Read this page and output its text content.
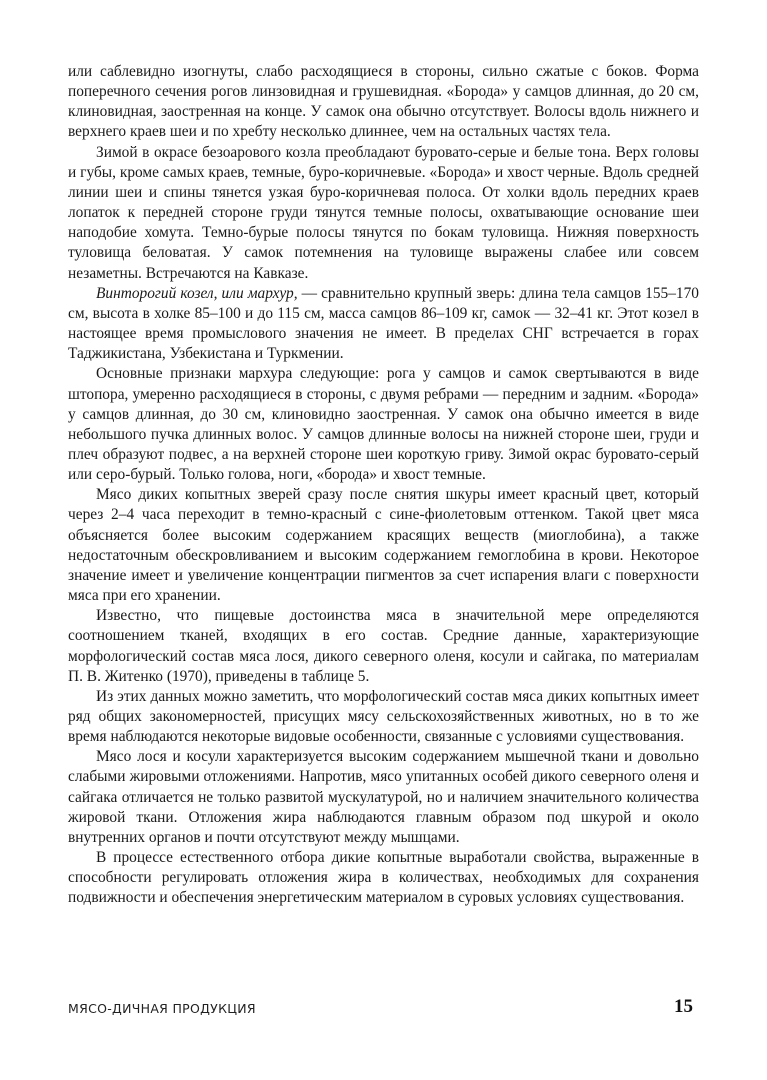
или саблевидно изогнуты, слабо расходящиеся в стороны, сильно сжатые с боков. Форма поперечного сечения рогов линзовидная и грушевидная. «Борода» у самцов длинная, до 20 см, клиновидная, заостренная на конце. У самок она обычно отсутствует. Волосы вдоль нижнего и верхнего краев шеи и по хребту несколько длиннее, чем на остальных частях тела.

Зимой в окрасе безоарового козла преобладают буровато-серые и белые тона. Верх головы и губы, кроме самых краев, темные, буро-коричневые. «Борода» и хвост черные. Вдоль средней линии шеи и спины тянется узкая буро-коричневая полоса. От холки вдоль передних краев лопаток к передней стороне груди тянутся темные полосы, охватывающие основание шеи наподобие хомута. Темно-бурые полосы тянутся по бокам туловища. Нижняя поверхность туловища беловатая. У самок потемнения на туловище выражены слабее или совсем незаметны. Встречаются на Кавказе.

Винторогий козел, или мархур, — сравнительно крупный зверь: длина тела самцов 155–170 см, высота в холке 85–100 и до 115 см, масса самцов 86–109 кг, самок — 32–41 кг. Этот козел в настоящее время промыслового значения не имеет. В пределах СНГ встречается в горах Таджикистана, Узбекистана и Туркмении.

Основные признаки мархура следующие: рога у самцов и самок свертываются в виде штопора, умеренно расходящиеся в стороны, с двумя ребрами — передним и задним. «Борода» у самцов длинная, до 30 см, клиновидно заостренная. У самок она обычно имеется в виде небольшого пучка длинных волос. У самцов длинные волосы на нижней стороне шеи, груди и плеч образуют подвес, а на верхней стороне шеи короткую гриву. Зимой окрас буровато-серый или серо-бурый. Только голова, ноги, «борода» и хвост темные.

Мясо диких копытных зверей сразу после снятия шкуры имеет красный цвет, который через 2–4 часа переходит в темно-красный с сине-фиолетовым оттенком. Такой цвет мяса объясняется более высоким содержанием красящих веществ (миоглобина), а также недостаточным обескровливанием и высоким содержанием гемоглобина в крови. Некоторое значение имеет и увеличение концентрации пигментов за счет испарения влаги с поверхности мяса при его хранении.

Известно, что пищевые достоинства мяса в значительной мере определяются соотношением тканей, входящих в его состав. Средние данные, характеризующие морфологический состав мяса лося, дикого северного оленя, косули и сайгака, по материалам П. В. Житенко (1970), приведены в таблице 5.

Из этих данных можно заметить, что морфологический состав мяса диких копытных имеет ряд общих закономерностей, присущих мясу сельскохозяйственных животных, но в то же время наблюдаются некоторые видовые особенности, связанные с условиями существования.

Мясо лося и косули характеризуется высоким содержанием мышечной ткани и довольно слабыми жировыми отложениями. Напротив, мясо упитанных особей дикого северного оленя и сайгака отличается не только развитой мускулатурой, но и наличием значительного количества жировой ткани. Отложения жира наблюдаются главным образом под шкурой и около внутренних органов и почти отсутствуют между мышцами.

В процессе естественного отбора дикие копытные выработали свойства, выраженные в способности регулировать отложения жира в количествах, необходимых для сохранения подвижности и обеспечения энергетическим материалом в суровых условиях существования.

МЯСО-ДИЧНАЯ ПРОДУКЦИЯ	15
